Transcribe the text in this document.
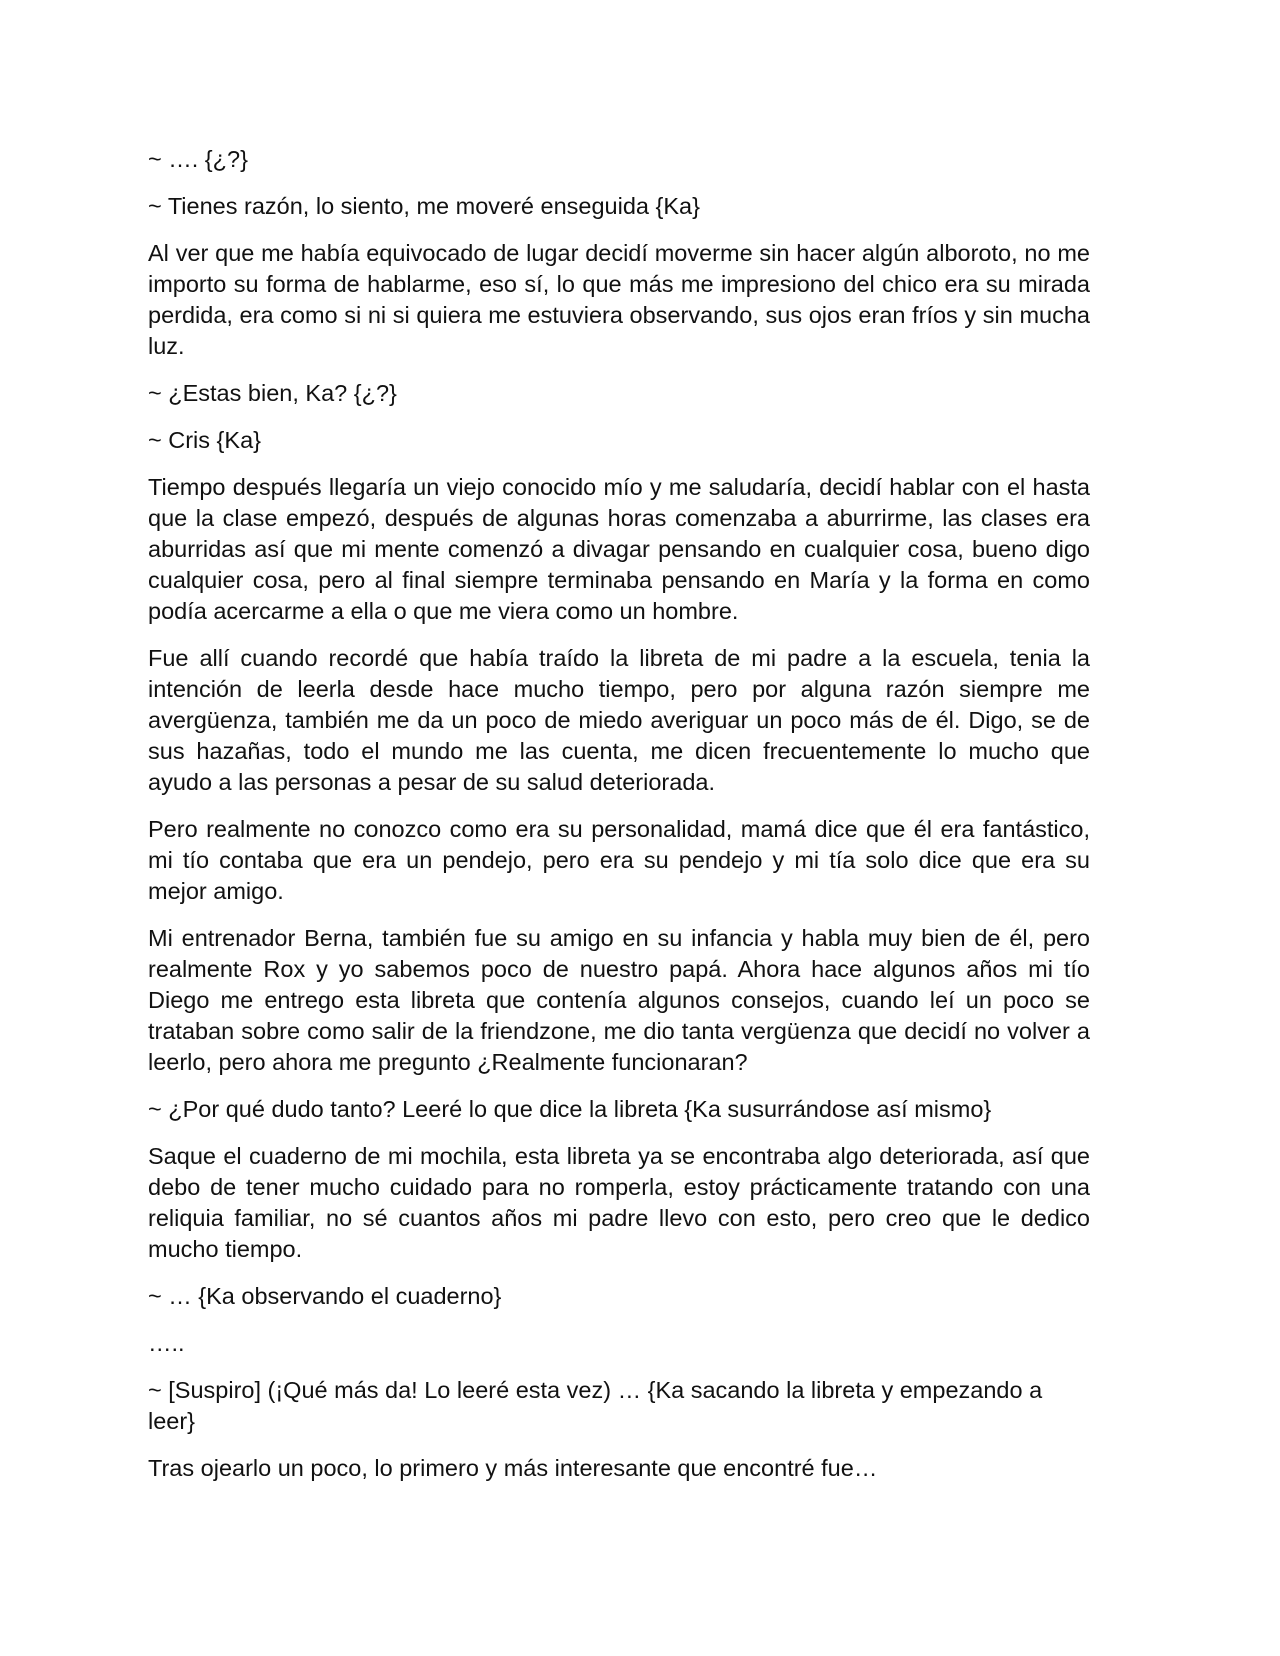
~ …. {¿?}

~ Tienes razón, lo siento, me moveré enseguida {Ka}

Al ver que me había equivocado de lugar decidí moverme sin hacer algún alboroto, no me importo su forma de hablarme, eso sí, lo que más me impresiono del chico era su mirada perdida, era como si ni si quiera me estuviera observando, sus ojos eran fríos y sin mucha luz.

~ ¿Estas bien, Ka? {¿?}

~ Cris {Ka}

Tiempo después llegaría un viejo conocido mío y me saludaría, decidí hablar con el hasta que la clase empezó, después de algunas horas comenzaba a aburrirme, las clases era aburridas así que mi mente comenzó a divagar pensando en cualquier cosa, bueno digo cualquier cosa, pero al final siempre terminaba pensando en María y la forma en como podía acercarme a ella o que me viera como un hombre.

Fue allí cuando recordé que había traído la libreta de mi padre a la escuela, tenia la intención de leerla desde hace mucho tiempo, pero por alguna razón siempre me avergüenza, también me da un poco de miedo averiguar un poco más de él. Digo, se de sus hazañas, todo el mundo me las cuenta, me dicen frecuentemente lo mucho que ayudo a las personas a pesar de su salud deteriorada.

Pero realmente no conozco como era su personalidad, mamá dice que él era fantástico, mi tío contaba que era un pendejo, pero era su pendejo y mi tía solo dice que era su mejor amigo.

Mi entrenador Berna, también fue su amigo en su infancia y habla muy bien de él, pero realmente Rox y yo sabemos poco de nuestro papá. Ahora hace algunos años mi tío Diego me entrego esta libreta que contenía algunos consejos, cuando leí un poco se trataban sobre como salir de la friendzone, me dio tanta vergüenza que decidí no volver a leerlo, pero ahora me pregunto ¿Realmente funcionaran?

~ ¿Por qué dudo tanto? Leeré lo que dice la libreta {Ka susurrándose así mismo}

Saque el cuaderno de mi mochila, esta libreta ya se encontraba algo deteriorada, así que debo de tener mucho cuidado para no romperla, estoy prácticamente tratando con una reliquia familiar, no sé cuantos años mi padre llevo con esto, pero creo que le dedico mucho tiempo.

~ … {Ka observando el cuaderno}

…..

~ [Suspiro] (¡Qué más da! Lo leeré esta vez) … {Ka sacando la libreta y empezando a leer}

Tras ojearlo un poco, lo primero y más interesante que encontré fue…
